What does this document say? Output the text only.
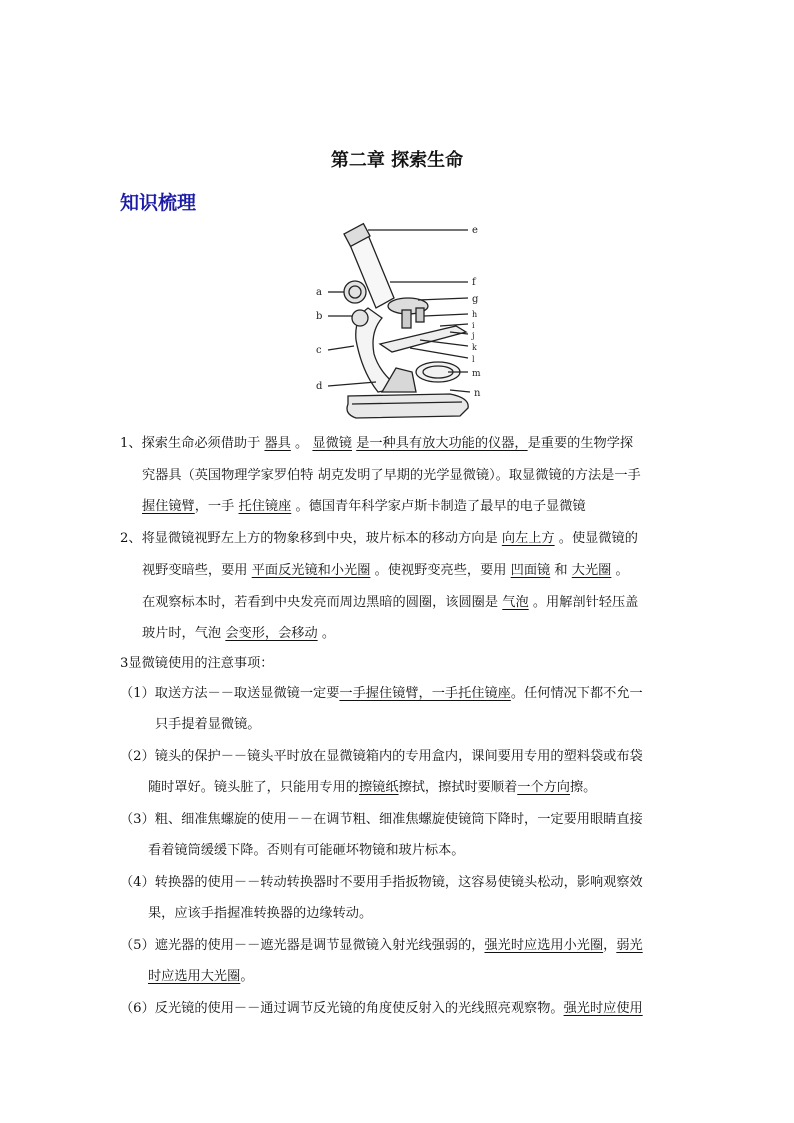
第二章 探索生命
知识梳理
a
b
c
d
e
f
g
h
i
j
k
l
m
n
1、探索生命必须借助于 器具 。 显微镜 是一种具有放大功能的仪器，是重要的生物学探
究器具（英国物理学家罗伯特 胡克发明了早期的光学显微镜）。取显微镜的方法是一手
握住镜臂，一手 托住镜座 。德国青年科学家卢斯卡制造了最早的电子显微镜
2、将显微镜视野左上方的物象移到中央，玻片标本的移动方向是 向左上方 。使显微镜的
视野变暗些，要用 平面反光镜和小光圈 。使视野变亮些，要用 凹面镜 和 大光圈 。
在观察标本时，若看到中央发亮而周边黑暗的圆圈，该圆圈是 气泡 。用解剖针轻压盖
玻片时，气泡 会变形，会移动 。
3显微镜使用的注意事项：
（1）取送方法－－取送显微镜一定要一手握住镜臂，一手托住镜座。任何情况下都不允一
只手提着显微镜。
（2）镜头的保护－－镜头平时放在显微镜箱内的专用盒内，课间要用专用的塑料袋或布袋
随时罩好。镜头脏了，只能用专用的擦镜纸擦拭，擦拭时要顺着一个方向擦。
（3）粗、细准焦螺旋的使用－－在调节粗、细准焦螺旋使镜筒下降时，一定要用眼睛直接
看着镜筒缓缓下降。否则有可能砸坏物镜和玻片标本。
（4）转换器的使用－－转动转换器时不要用手指扳物镜，这容易使镜头松动，影响观察效
果，应该手指握准转换器的边缘转动。
（5）遮光器的使用－－遮光器是调节显微镜入射光线强弱的，强光时应选用小光圈，弱光
时应选用大光圈。
（6）反光镜的使用－－通过调节反光镜的角度使反射入的光线照亮观察物。强光时应使用
